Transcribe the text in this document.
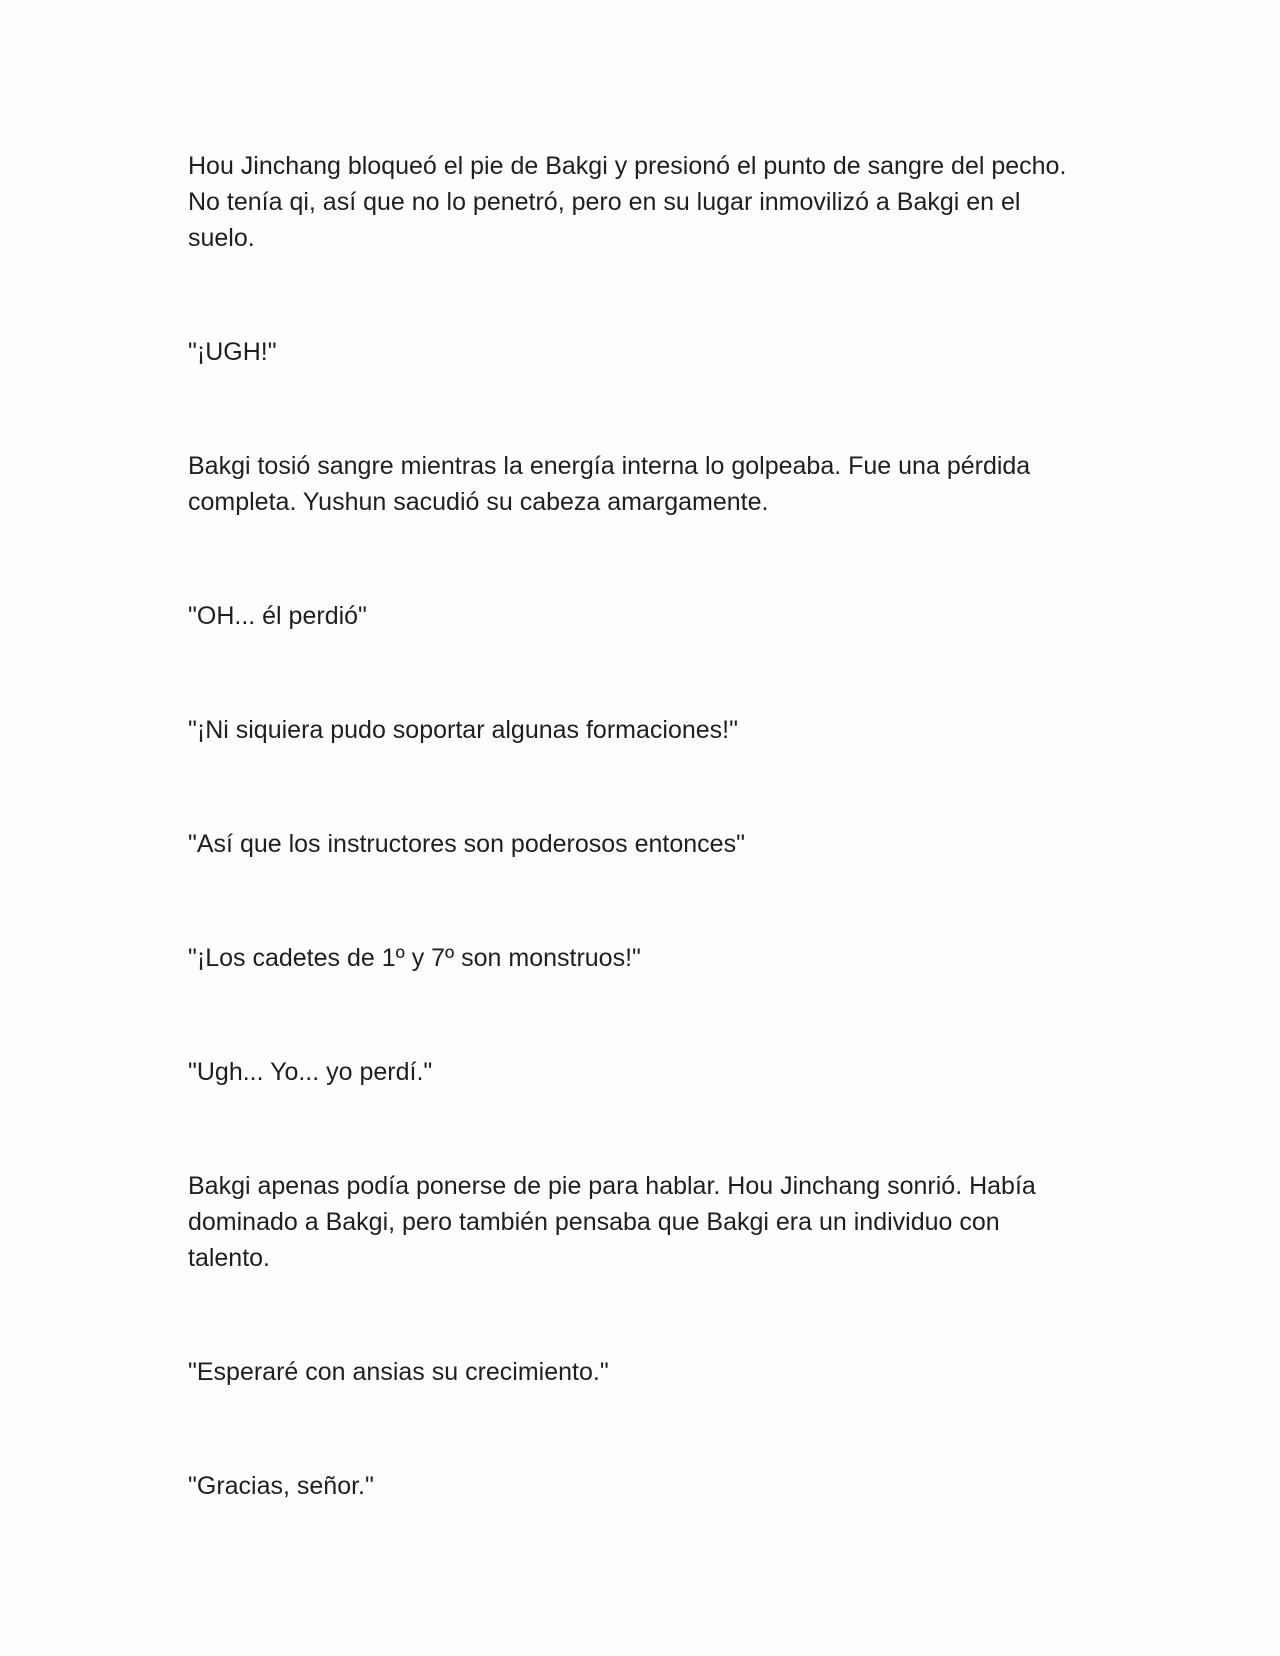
Hou Jinchang bloqueó el pie de Bakgi y presionó el punto de sangre del pecho. No tenía qi, así que no lo penetró, pero en su lugar inmovilizó a Bakgi en el suelo.

"¡UGH!"

Bakgi tosió sangre mientras la energía interna lo golpeaba. Fue una pérdida completa. Yushun sacudió su cabeza amargamente.

"OH... él perdió"

"¡Ni siquiera pudo soportar algunas formaciones!"

"Así que los instructores son poderosos entonces"

"¡Los cadetes de 1º y 7º son monstruos!"

"Ugh... Yo... yo perdí."

Bakgi apenas podía ponerse de pie para hablar. Hou Jinchang sonrió. Había dominado a Bakgi, pero también pensaba que Bakgi era un individuo con talento.

"Esperaré con ansias su crecimiento."

"Gracias, señor."
